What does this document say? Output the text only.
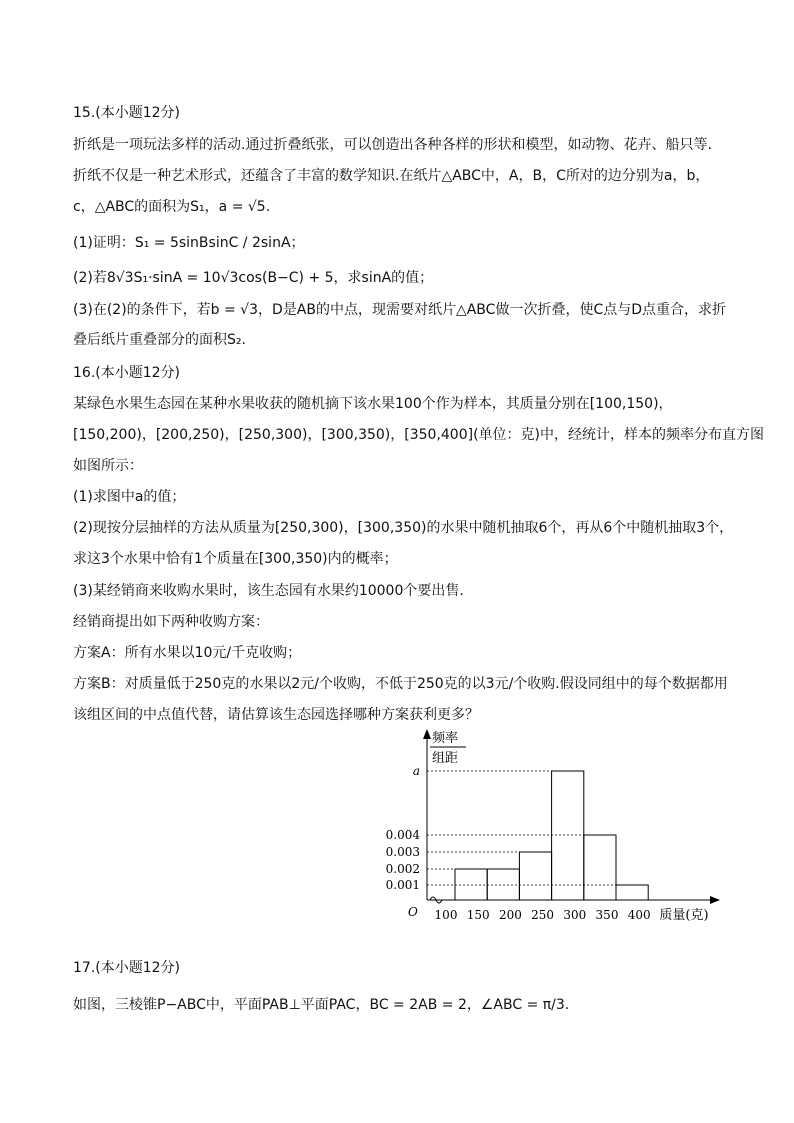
15.(本小题12分)
折纸是一项玩法多样的活动.通过折叠纸张，可以创造出各种各样的形状和模型，如动物、花卉、船只等.
折纸不仅是一种艺术形式，还蕴含了丰富的数学知识.在纸片△ABC中，A，B，C所对的边分别为a，b，
c，△ABC的面积为S₁，a = √5.
(1)证明：S₁ = 5sinBsinC / 2sinA；
(2)若8√3S₁·sinA = 10√3cos(B−C) + 5，求sinA的值；
(3)在(2)的条件下，若b = √3，D是AB的中点，现需要对纸片△ABC做一次折叠，使C点与D点重合，求折
叠后纸片重叠部分的面积S₂.
16.(本小题12分)
某绿色水果生态园在某种水果收获的随机摘下该水果100个作为样本，其质量分别在[100,150)，
[150,200)，[200,250)，[250,300)，[300,350)，[350,400](单位：克)中，经统计，样本的频率分布直方图
如图所示：
(1)求图中a的值；
(2)现按分层抽样的方法从质量为[250,300)，[300,350)的水果中随机抽取6个，再从6个中随机抽取3个，
求这3个水果中恰有1个质量在[300,350)内的概率；
(3)某经销商来收购水果时，该生态园有水果约10000个要出售.
经销商提出如下两种收购方案：
方案A：所有水果以10元/千克收购；
方案B：对质量低于250克的水果以2元/个收购，不低于250克的以3元/个收购.假设同组中的每个数据都用
该组区间的中点值代替，请估算该生态园选择哪种方案获利更多？
频率
组距
0.001
0.002
0.003
0.004
a
100 150 200 250 300 350 400 质量(克)
O
17.(本小题12分)
如图，三棱锥P−ABC中，平面PAB⊥平面PAC，BC = 2AB = 2，∠ABC = π/3.
